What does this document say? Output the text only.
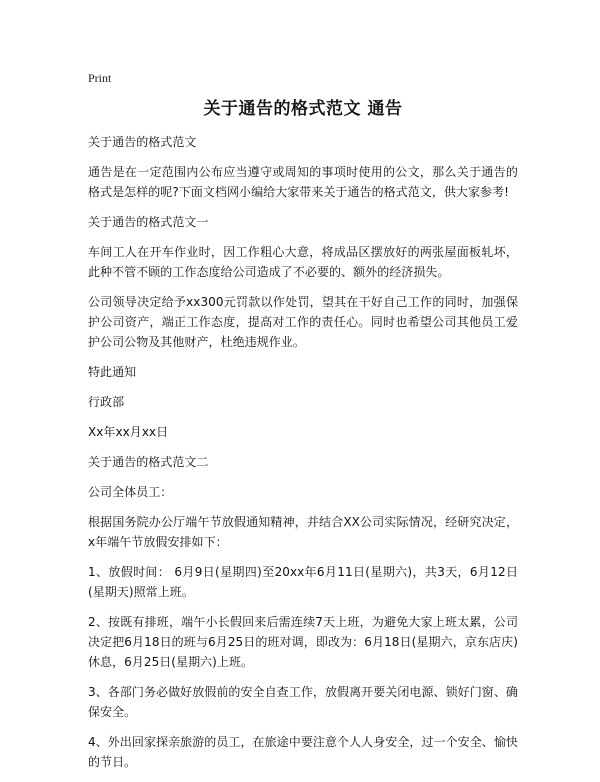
Print
关于通告的格式范文 通告

关于通告的格式范文

通告是在一定范围内公布应当遵守或周知的事项时使用的公文，那么关于通告的格式是怎样的呢?下面文档网小编给大家带来关于通告的格式范文，供大家参考!

关于通告的格式范文一

车间工人在开车作业时，因工作粗心大意，将成品区摆放好的两张屋面板轧坏，此种不管不顾的工作态度给公司造成了不必要的、额外的经济损失。

公司领导决定给予xx300元罚款以作处罚，望其在干好自己工作的同时，加强保护公司资产，端正工作态度，提高对工作的责任心。同时也希望公司其他员工爱护公司公物及其他财产，杜绝违规作业。

特此通知

行政部

Xx年xx月xx日

关于通告的格式范文二

公司全体员工：

根据国务院办公厅端午节放假通知精神，并结合XX公司实际情况，经研究决定，x年端午节放假安排如下：

1、放假时间： 6月9日(星期四)至20xx年6月11日(星期六)，共3天，6月12日(星期天)照常上班。

2、按既有排班，端午小长假回来后需连续7天上班，为避免大家上班太累，公司决定把6月18日的班与6月25日的班对调，即改为：6月18日(星期六，京东店庆)休息，6月25日(星期六)上班。

3、各部门务必做好放假前的安全自查工作，放假离开要关闭电源、锁好门窗、确保安全。

4、外出回家探亲旅游的员工，在旅途中要注意个人人身安全，过一个安全、愉快的节日。
